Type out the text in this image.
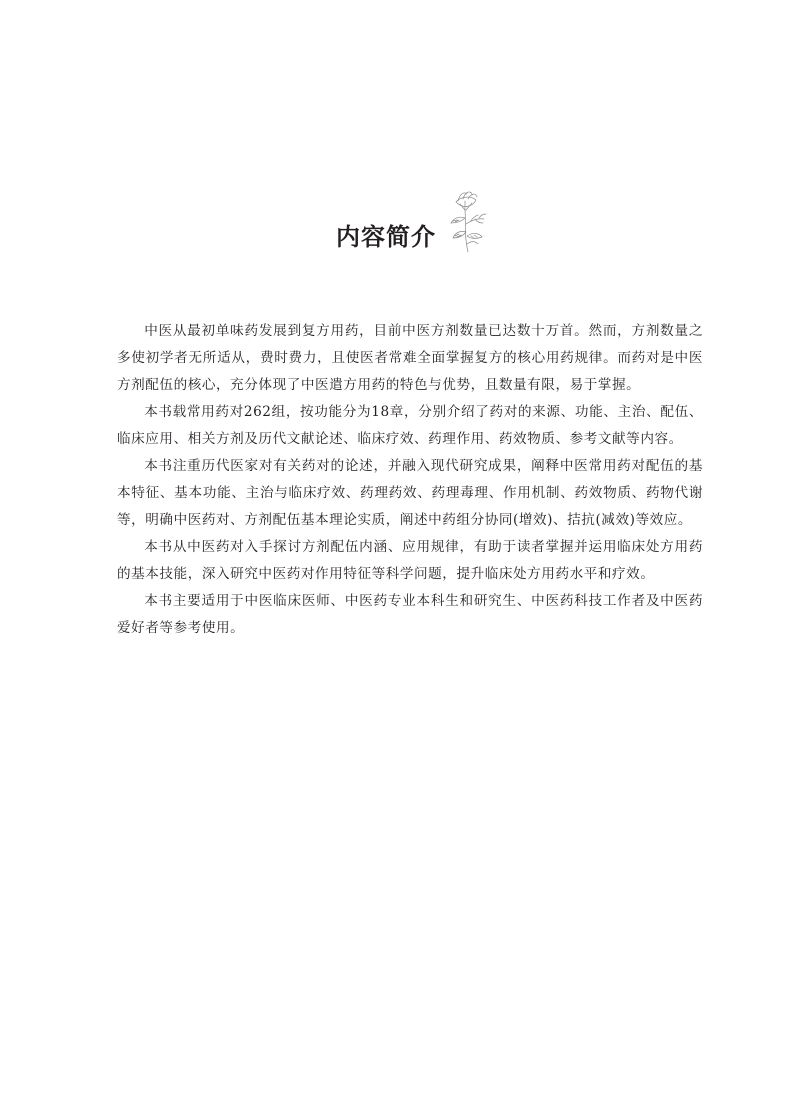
内容简介

中医从最初单味药发展到复方用药，目前中医方剂数量已达数十万首。然而，方剂数量之多使初学者无所适从，费时费力，且使医者常难全面掌握复方的核心用药规律。而药对是中医方剂配伍的核心，充分体现了中医遣方用药的特色与优势，且数量有限，易于掌握。

本书载常用药对262组，按功能分为18章，分别介绍了药对的来源、功能、主治、配伍、临床应用、相关方剂及历代文献论述、临床疗效、药理作用、药效物质、参考文献等内容。

本书注重历代医家对有关药对的论述，并融入现代研究成果，阐释中医常用药对配伍的基本特征、基本功能、主治与临床疗效、药理药效、药理毒理、作用机制、药效物质、药物代谢等，明确中医药对、方剂配伍基本理论实质，阐述中药组分协同(增效)、拮抗(减效)等效应。

本书从中医药对入手探讨方剂配伍内涵、应用规律，有助于读者掌握并运用临床处方用药的基本技能，深入研究中医药对作用特征等科学问题，提升临床处方用药水平和疗效。

本书主要适用于中医临床医师、中医药专业本科生和研究生、中医药科技工作者及中医药爱好者等参考使用。
